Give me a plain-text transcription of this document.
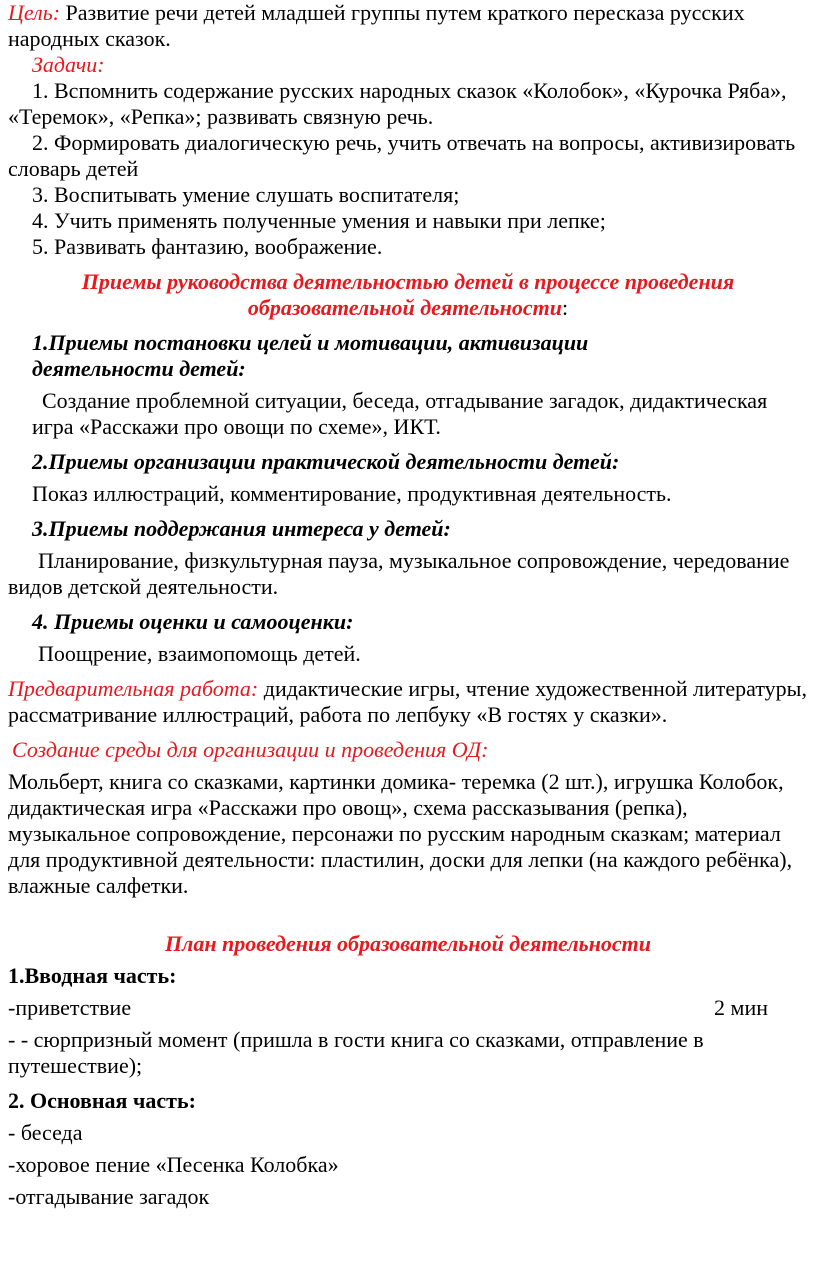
Цель: Развитие речи детей младшей группы путем краткого пересказа русских народных сказок.

Задачи:

1. Вспомнить содержание русских народных сказок «Колобок», «Курочка Ряба», «Теремок», «Репка»; развивать связную речь.

2. Формировать диалогическую речь, учить отвечать на вопросы, активизировать словарь детей

3. Воспитывать умение слушать воспитателя;

4. Учить применять полученные умения и навыки при лепке;

5. Развивать фантазию, воображение.

Приемы руководства деятельностью детей в процессе проведения образовательной деятельности:

1.Приемы постановки целей и мотивации, активизации деятельности детей:

Создание проблемной ситуации, беседа, отгадывание загадок, дидактическая игра «Расскажи про овощи по схеме», ИКТ.

2.Приемы организации практической деятельности детей:

Показ иллюстраций, комментирование, продуктивная деятельность.

3.Приемы поддержания интереса у детей:

Планирование, физкультурная пауза, музыкальное сопровождение, чередование видов детской деятельности.

4. Приемы оценки и самооценки:

Поощрение, взаимопомощь детей.

Предварительная работа: дидактические игры, чтение художественной литературы, рассматривание иллюстраций, работа по лепбуку «В гостях у сказки».

Создание среды для организации и проведения ОД:

Мольберт, книга со сказками, картинки домика- теремка (2 шт.), игрушка Колобок, дидактическая игра «Расскажи про овощ», схема рассказывания (репка), музыкальное сопровождение, персонажи по русским народным сказкам; материал для продуктивной деятельности: пластилин, доски для лепки (на каждого ребёнка), влажные салфетки.

План проведения образовательной деятельности

1.Вводная часть:

-приветствие	2 мин

- - сюрпризный момент (пришла в гости книга со сказками, отправление в путешествие);

2. Основная часть:

- беседа

-хоровое пение «Песенка Колобка»

-отгадывание загадок
